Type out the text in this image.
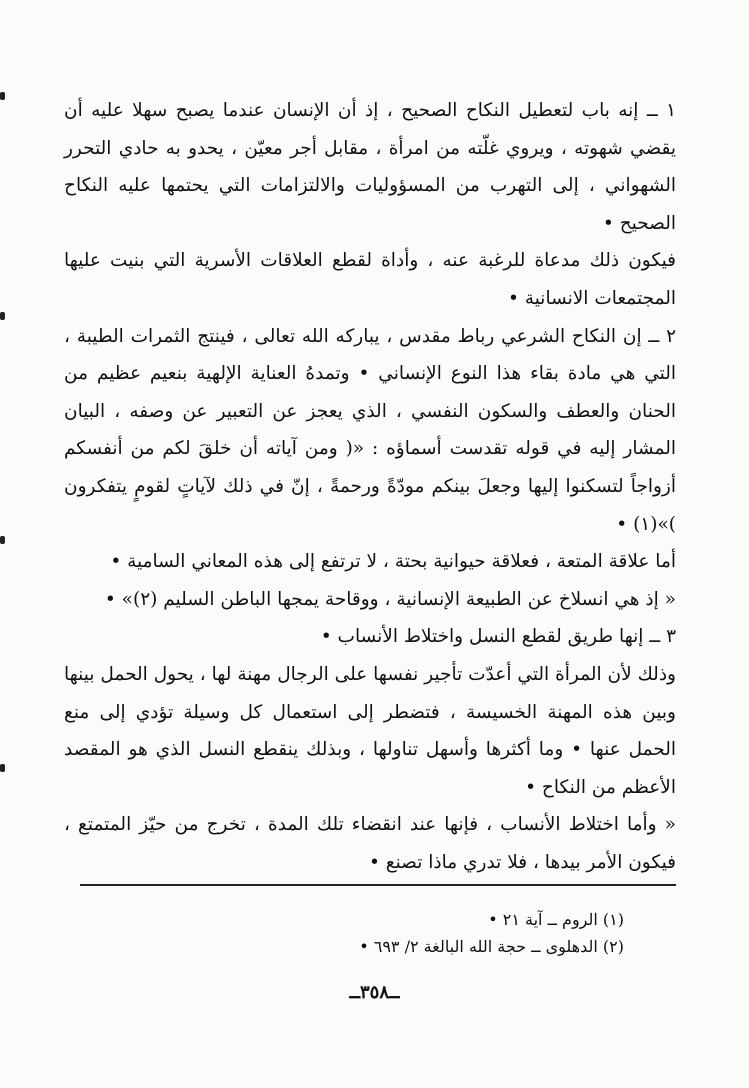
١ ــ إنه باب لتعطيل النكاح الصحيح ، إذ أن الإنسان عندما يصبح سهلا عليه أن يقضي شهوته ، ويروي غلّته من امرأة ، مقابل أجر معيّن ، يحدو به حادي التحرر الشهواني ، إلى التهرب من المسؤوليات والالتزامات التي يحتمها عليه النكاح الصحيح •

فيكون ذلك مدعاة للرغبة عنه ، وأداة لقطع العلاقات الأسرية التي بنيت عليها المجتمعات الانسانية •

٢ ــ إن النكاح الشرعي رباط مقدس ، يباركه الله تعالى ، فينتج الثمرات الطيبة ، التي هي مادة بقاء هذا النوع الإنساني • وتمدهُ العناية الإلهية بنعيم عظيم من الحنان والعطف والسكون النفسي ، الذي يعجز عن التعبير عن وصفه ، البيان المشار إليه في قوله تقدست أسماؤه : «( ومن آياته أن خلقَ لكم من أنفسكم أزواجاً لتسكنوا إليها وجعلَ بينكم مودّةً ورحمةً ، إنّ في ذلك لآياتٍ لقومٍ يتفكرون )»(١) •

أما علاقة المتعة ، فعلاقة حيوانية بحتة ، لا ترتفع إلى هذه المعاني السامية •

« إذ هي انسلاخ عن الطبيعة الإنسانية ، ووقاحة يمجها الباطن السليم (٢)» •

٣ ــ إنها طريق لقطع النسل واختلاط الأنساب •

وذلك لأن المرأة التي أعدّت تأجير نفسها على الرجال مهنة لها ، يحول الحمل بينها وبين هذه المهنة الخسيسة ، فتضطر إلى استعمال كل وسيلة تؤدي إلى منع الحمل عنها • وما أكثرها وأسهل تناولها ، وبذلك ينقطع النسل الذي هو المقصد الأعظم من النكاح •

« وأما اختلاط الأنساب ، فإنها عند انقضاء تلك المدة ، تخرج من حيّز المتمتع ، فيكون الأمر بيدها ، فلا تدري ماذا تصنع •

(١) الروم ــ آية ٢١ •

(٢) الدهلوى ــ حجة الله البالغة ٢/ ٦٩٣ •

ــ٣٥٨ــ
